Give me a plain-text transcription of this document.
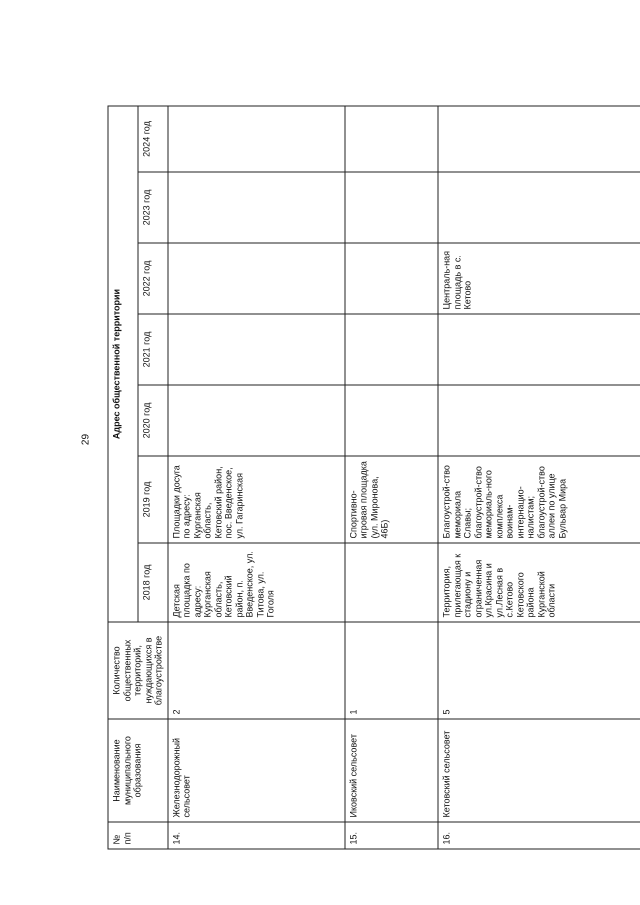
29
№ п/п	Наименование муниципального образования	Количество общественных территорий, нуждающихся в благоустройстве	Адрес общественной территории						
			2018 год	2019 год	2020 год	2021 год	2022 год	2023 год	2024 год
14.	Железнодорожный сельсовет	2	Детская площадка по адресу: Курганская область, Кетовский район, п. Введенское, ул. Титова, ул. Гоголя	Площадки досуга по адресу: Курганская область, Кетовский район, пос. Введенское, ул. Гагаринская					
15.	Иковский сельсовет	1		Спортивно-игровая площадка (ул. Миронова, 46Б)					
16.	Кетовский сельсовет	5	Территория, прилегающая к стадиону и ограниченная ул.Красина и ул.Лесная в с.Кетово Кетовского района Курганской области	Благоустрой-ство мемориала Славы; благоустрой-ство мемориаль-ного комплекса воинам-интернацио-налистам; благоустрой-ство аллеи по улице Бульвар Мира			Централь-ная площадь в с. Кетово		
